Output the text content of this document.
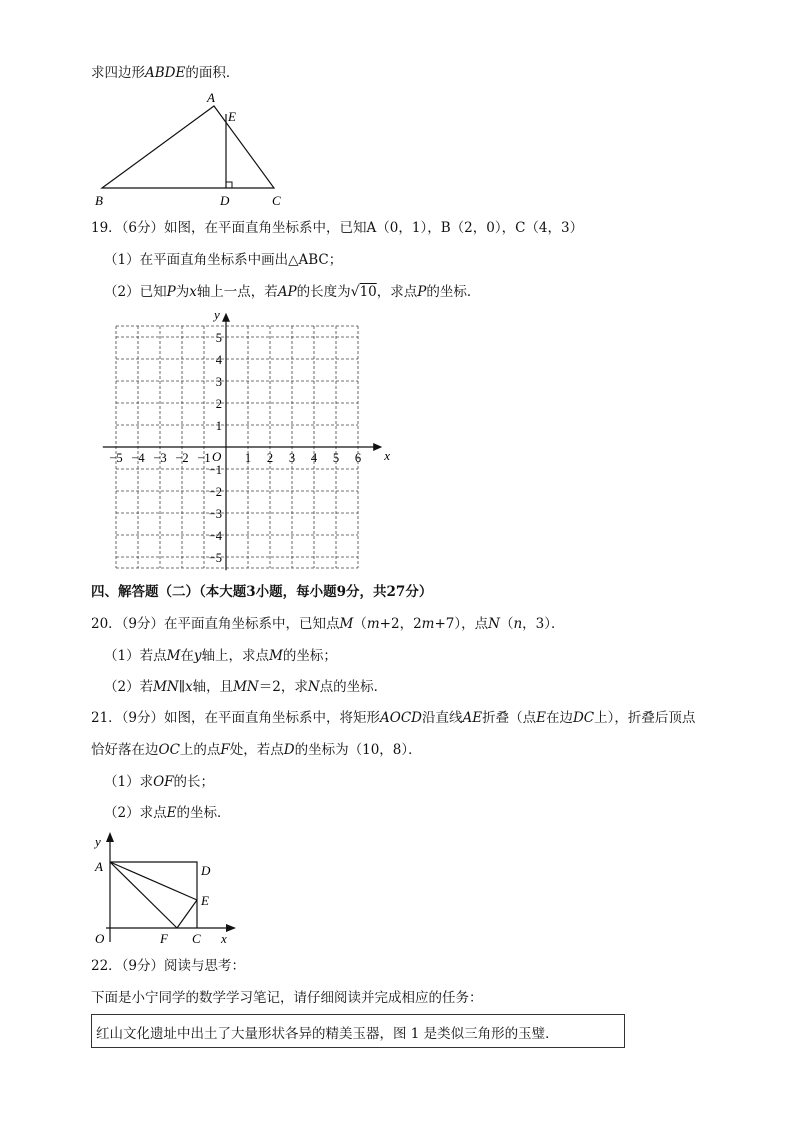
求四边形ABDE的面积．
A
E
B	D	C
19．（6分）如图，在平面直角坐标系中，已知A（0，1），B（2，0），C（4，3）
（1）在平面直角坐标系中画出△ABC；
（2）已知P为x轴上一点，若AP的长度为√10，求点P的坐标．
x
y
O
−5 −4 −3 −2 −1	1 2 3 4 5 6
5
4
3
2
1
−1
−2
−3
−4
−5
四、解答题（二）（本大题3小题，每小题9分，共27分）
20．（9分）在平面直角坐标系中，已知点M（m+2，2m+7），点N（n，3）．
（1）若点M在y轴上，求点M的坐标；
（2）若MN∥x轴，且MN＝2，求N点的坐标．
21．（9分）如图，在平面直角坐标系中，将矩形AOCD沿直线AE折叠（点E在边DC上），折叠后顶点
恰好落在边OC上的点F处，若点D的坐标为（10，8）．
（1）求OF的长；
（2）求点E的坐标．
y
A	D
E
O	F C x
22．（9分）阅读与思考：
下面是小宁同学的数学学习笔记，请仔细阅读并完成相应的任务：
红山文化遗址中出土了大量形状各异的精美玉器，图 1 是类似三角形的玉璧．
